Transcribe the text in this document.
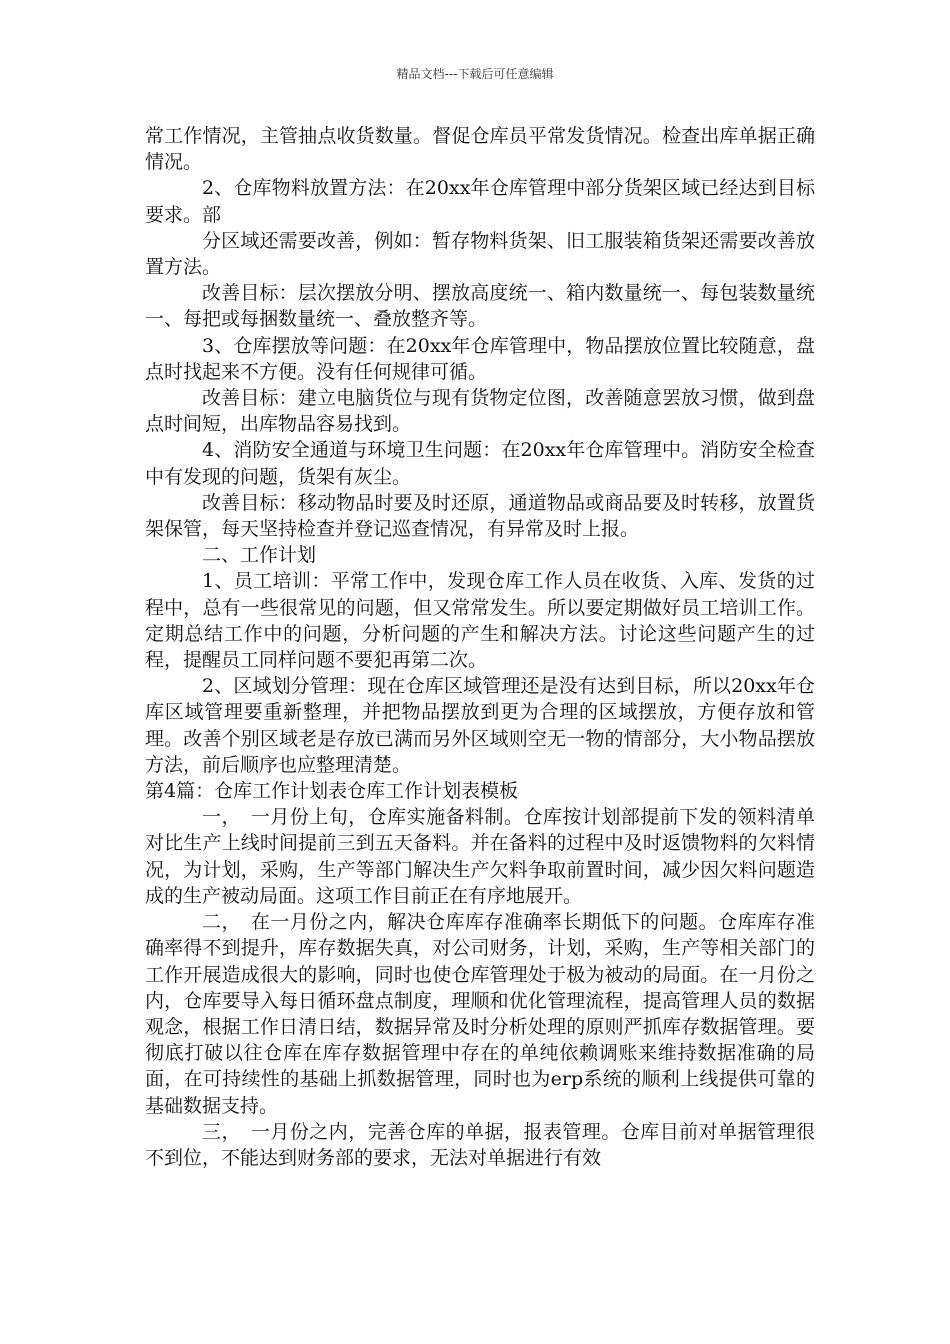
精品文档---下载后可任意编辑

常工作情况，主管抽点收货数量。督促仓库员平常发货情况。检查出库单据正确情况。

2、仓库物料放置方法：在20xx年仓库管理中部分货架区域已经达到目标要求。部

分区域还需要改善，例如：暂存物料货架、旧工服装箱货架还需要改善放置方法。

改善目标：层次摆放分明、摆放高度统一、箱内数量统一、每包装数量统一、每把或每捆数量统一、叠放整齐等。

3、仓库摆放等问题：在20xx年仓库管理中，物品摆放位置比较随意，盘点时找起来不方便。没有任何规律可循。

改善目标：建立电脑货位与现有货物定位图，改善随意罢放习惯，做到盘点时间短，出库物品容易找到。

4、消防安全通道与环境卫生问题：在20xx年仓库管理中。消防安全检查中有发现的问题，货架有灰尘。

改善目标：移动物品时要及时还原，通道物品或商品要及时转移，放置货架保管，每天坚持检查并登记巡查情况，有异常及时上报。

二、工作计划

1、员工培训：平常工作中，发现仓库工作人员在收货、入库、发货的过程中，总有一些很常见的问题，但又常常发生。所以要定期做好员工培训工作。定期总结工作中的问题，分析问题的产生和解决方法。讨论这些问题产生的过程，提醒员工同样问题不要犯再第二次。

2、区域划分管理：现在仓库区域管理还是没有达到目标，所以20xx年仓库区域管理要重新整理，并把物品摆放到更为合理的区域摆放，方便存放和管理。改善个别区域老是存放已满而另外区域则空无一物的情部分，大小物品摆放方法，前后顺序也应整理清楚。

第4篇：仓库工作计划表仓库工作计划表模板

一，　一月份上旬，仓库实施备料制。仓库按计划部提前下发的领料清单对比生产上线时间提前三到五天备料。并在备料的过程中及时返馈物料的欠料情况，为计划，采购，生产等部门解决生产欠料争取前置时间，减少因欠料问题造成的生产被动局面。这项工作目前正在有序地展开。

二，　在一月份之内，解决仓库库存准确率长期低下的问题。仓库库存准确率得不到提升，库存数据失真，对公司财务，计划，采购，生产等相关部门的工作开展造成很大的影响，同时也使仓库管理处于极为被动的局面。在一月份之内，仓库要导入每日循环盘点制度，理顺和优化管理流程，提高管理人员的数据观念，根据工作日清日结，数据异常及时分析处理的原则严抓库存数据管理。要彻底打破以往仓库在库存数据管理中存在的单纯依赖调账来维持数据准确的局面，在可持续性的基础上抓数据管理，同时也为erp系统的顺利上线提供可靠的基础数据支持。

三，　一月份之内，完善仓库的单据，报表管理。仓库目前对单据管理很不到位，不能达到财务部的要求，无法对单据进行有效
